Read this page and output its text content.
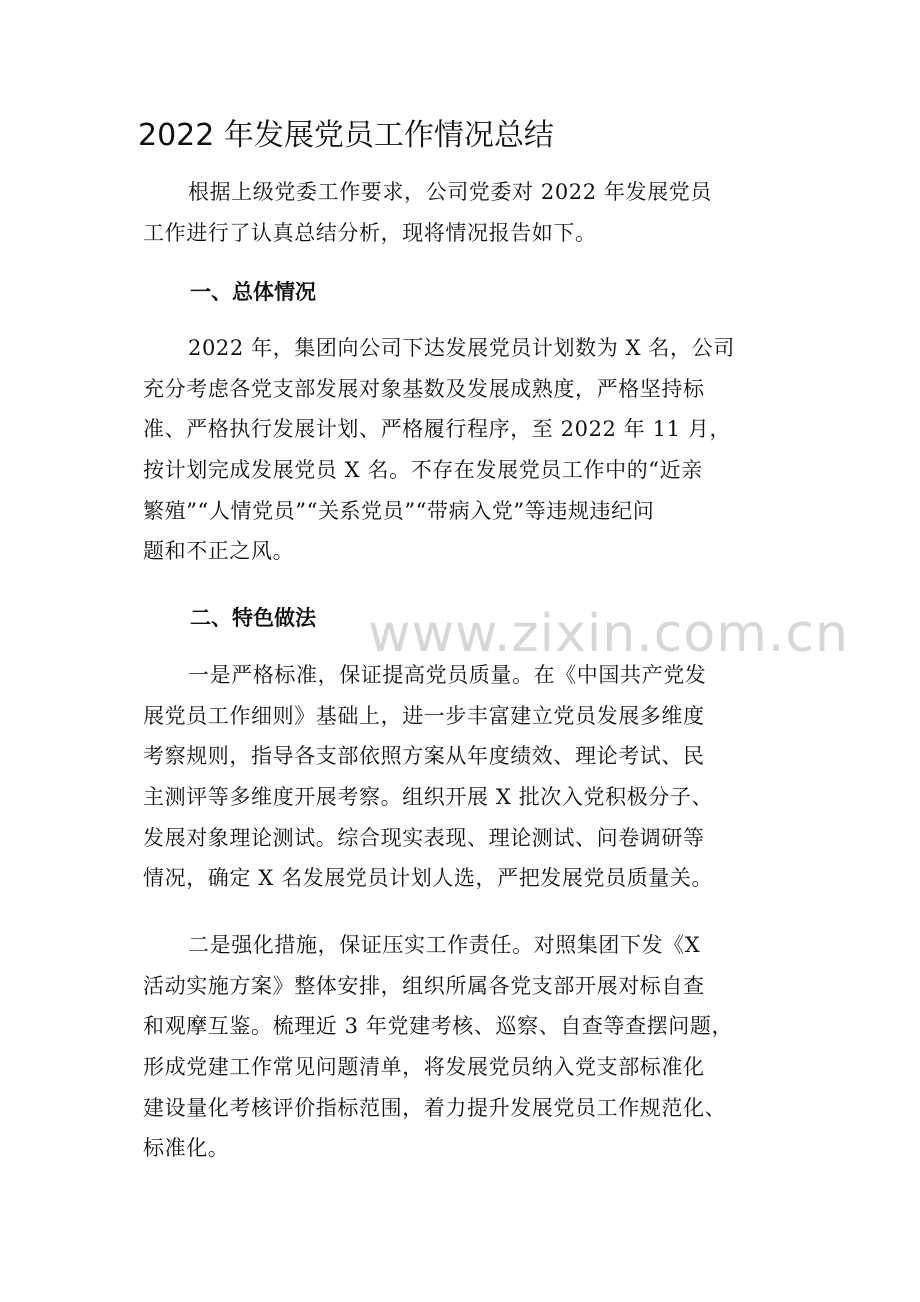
2022 年发展党员工作情况总结
根据上级党委工作要求，公司党委对 2022 年发展党员
工作进行了认真总结分析，现将情况报告如下。
一、总体情况
2022 年，集团向公司下达发展党员计划数为 X 名，公司
充分考虑各党支部发展对象基数及发展成熟度，严格坚持标
准、严格执行发展计划、严格履行程序，至 2022 年 11 月，
按计划完成发展党员 X 名。不存在发展党员工作中的“近亲
繁殖”“人情党员”“关系党员”“带病入党”等违规违纪问
题和不正之风。
二、特色做法
一是严格标准，保证提高党员质量。在《中国共产党发
展党员工作细则》基础上，进一步丰富建立党员发展多维度
考察规则，指导各支部依照方案从年度绩效、理论考试、民
主测评等多维度开展考察。组织开展 X 批次入党积极分子、
发展对象理论测试。综合现实表现、理论测试、问卷调研等
情况，确定 X 名发展党员计划人选，严把发展党员质量关。
二是强化措施，保证压实工作责任。对照集团下发《X
活动实施方案》整体安排，组织所属各党支部开展对标自查
和观摩互鉴。梳理近 3 年党建考核、巡察、自查等查摆问题，
形成党建工作常见问题清单，将发展党员纳入党支部标准化
建设量化考核评价指标范围，着力提升发展党员工作规范化、
标准化。
www.zixin.com.cn
